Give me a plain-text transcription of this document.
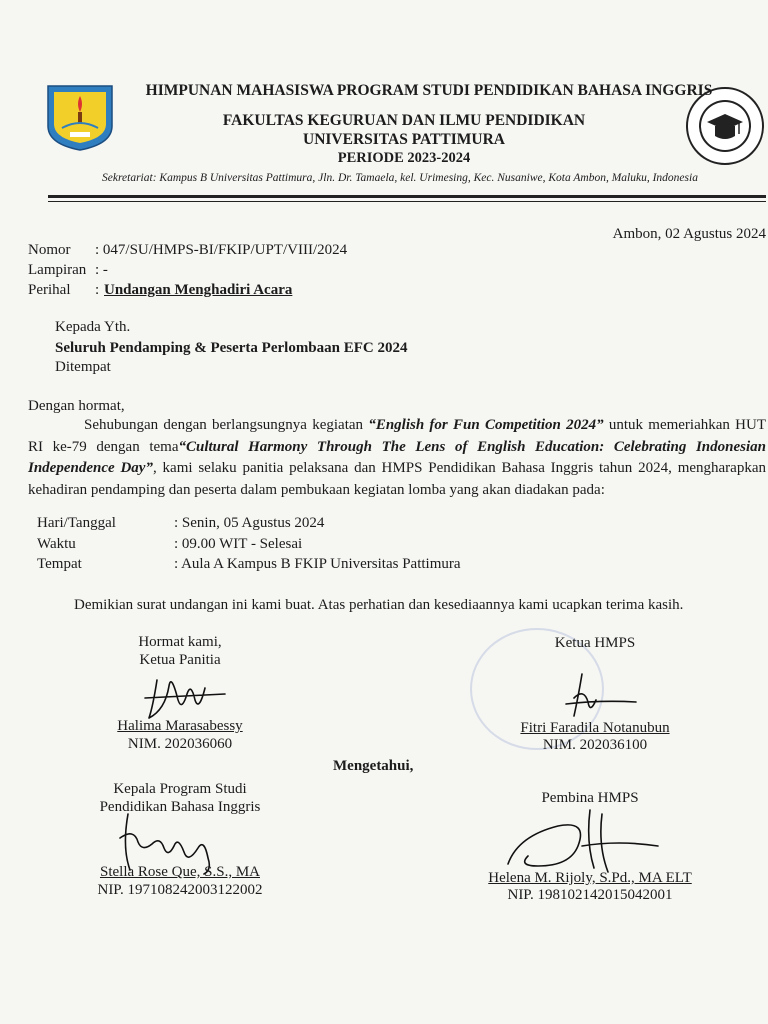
HIMPUNAN MAHASISWA PROGRAM STUDI PENDIDIKAN BAHASA INGGRIS
FAKULTAS KEGURUAN DAN ILMU PENDIDIKAN
UNIVERSITAS PATTIMURA
PERIODE 2023-2024
Sekretariat: Kampus B Universitas Pattimura, Jln. Dr. Tamaela, kel. Urimesing, Kec. Nusaniwe, Kota Ambon, Maluku, Indonesia
Ambon, 02 Agustus 2024
Nomor : 047/SU/HMPS-BI/FKIP/UPT/VIII/2024
Lampiran : -
Perihal : Undangan Menghadiri Acara
Kepada Yth.
Seluruh Pendamping & Peserta Perlombaan EFC 2024
Ditempat
Dengan hormat,
Sehubungan dengan berlangsungnya kegiatan “English for Fun Competition 2024” untuk memeriahkan HUT RI ke-79 dengan tema“Cultural Harmony Through The Lens of English Education: Celebrating Indonesian Independence Day”, kami selaku panitia pelaksana dan HMPS Pendidikan Bahasa Inggris tahun 2024, mengharapkan kehadiran pendamping dan peserta dalam pembukaan kegiatan lomba yang akan diadakan pada:
Hari/Tanggal	: Senin, 05 Agustus 2024
Waktu	: 09.00 WIT - Selesai
Tempat	: Aula A Kampus B FKIP Universitas Pattimura
Demikian surat undangan ini kami buat. Atas perhatian dan kesediaannya kami ucapkan terima kasih.
Hormat kami,
Ketua Panitia
Halima Marasabessy
NIM. 202036060
Ketua HMPS
Fitri Faradila Notanubun
NIM. 202036100
Mengetahui,
Kepala Program Studi
Pendidikan Bahasa Inggris
Stella Rose Que, S.S., MA
NIP. 197108242003122002
Pembina HMPS
Helena M. Rijoly, S.Pd., MA ELT
NIP. 198102142015042001
